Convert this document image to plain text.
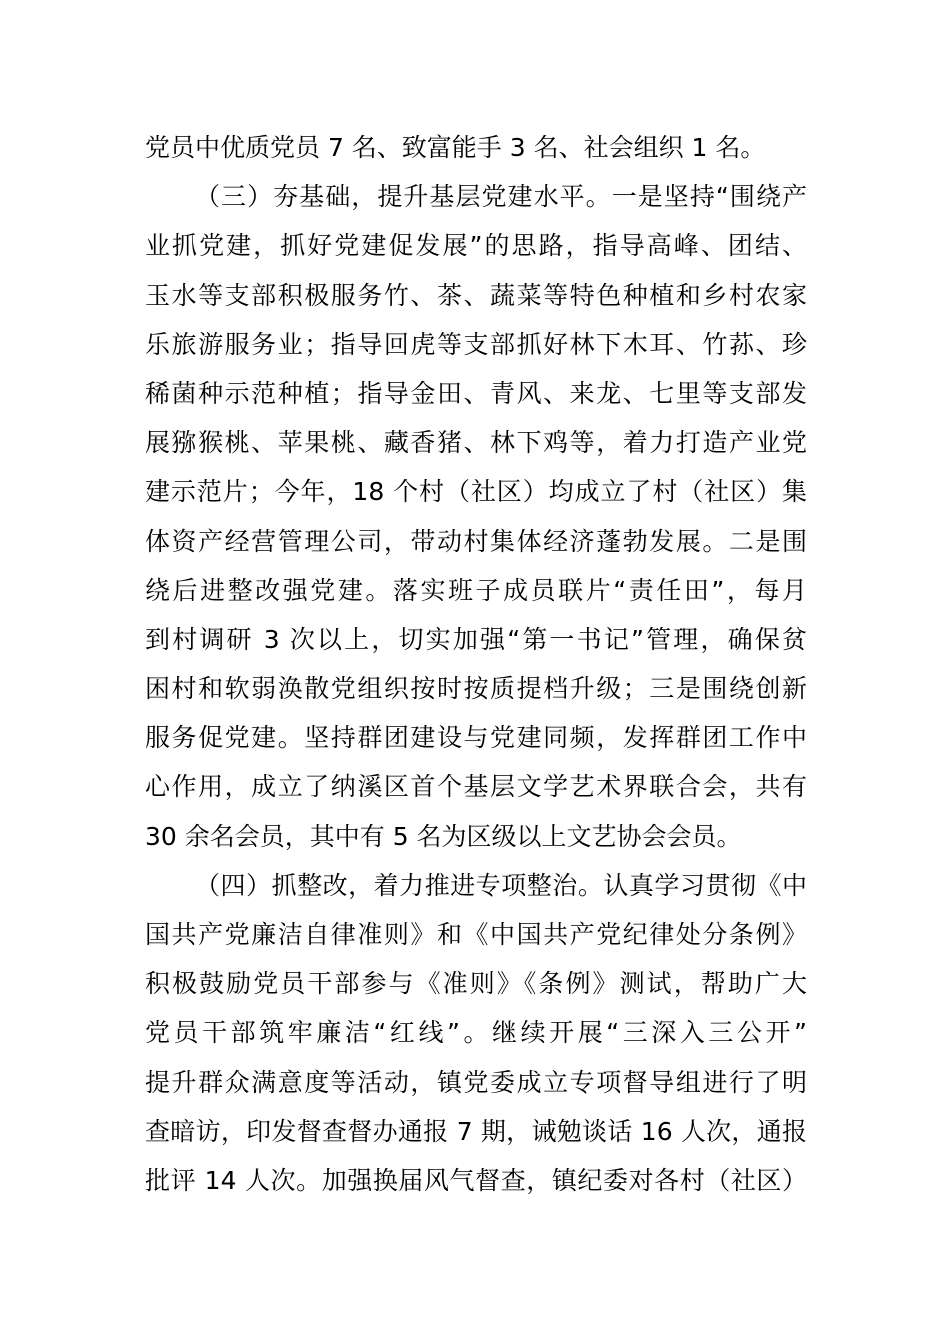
党员中优质党员 7 名、致富能手 3 名、社会组织 1 名。
（三）夯基础，提升基层党建水平。一是坚持“围绕产
业抓党建，抓好党建促发展”的思路，指导高峰、团结、
玉水等支部积极服务竹、茶、蔬菜等特色种植和乡村农家
乐旅游服务业；指导回虎等支部抓好林下木耳、竹荪、珍
稀菌种示范种植；指导金田、青风、来龙、七里等支部发
展猕猴桃、苹果桃、藏香猪、林下鸡等，着力打造产业党
建示范片；今年，18 个村（社区）均成立了村（社区）集
体资产经营管理公司，带动村集体经济蓬勃发展。二是围
绕后进整改强党建。落实班子成员联片“责任田”，每月
到村调研 3 次以上，切实加强“第一书记”管理，确保贫
困村和软弱涣散党组织按时按质提档升级；三是围绕创新
服务促党建。坚持群团建设与党建同频，发挥群团工作中
心作用，成立了纳溪区首个基层文学艺术界联合会，共有
30 余名会员，其中有 5 名为区级以上文艺协会会员。
（四）抓整改，着力推进专项整治。认真学习贯彻《中
国共产党廉洁自律准则》和《中国共产党纪律处分条例》
积极鼓励党员干部参与《准则》《条例》测试，帮助广大
党员干部筑牢廉洁“红线”。继续开展“三深入三公开”
提升群众满意度等活动，镇党委成立专项督导组进行了明
查暗访，印发督查督办通报 7 期，诫勉谈话 16 人次，通报
批评 14 人次。加强换届风气督查，镇纪委对各村（社区）
